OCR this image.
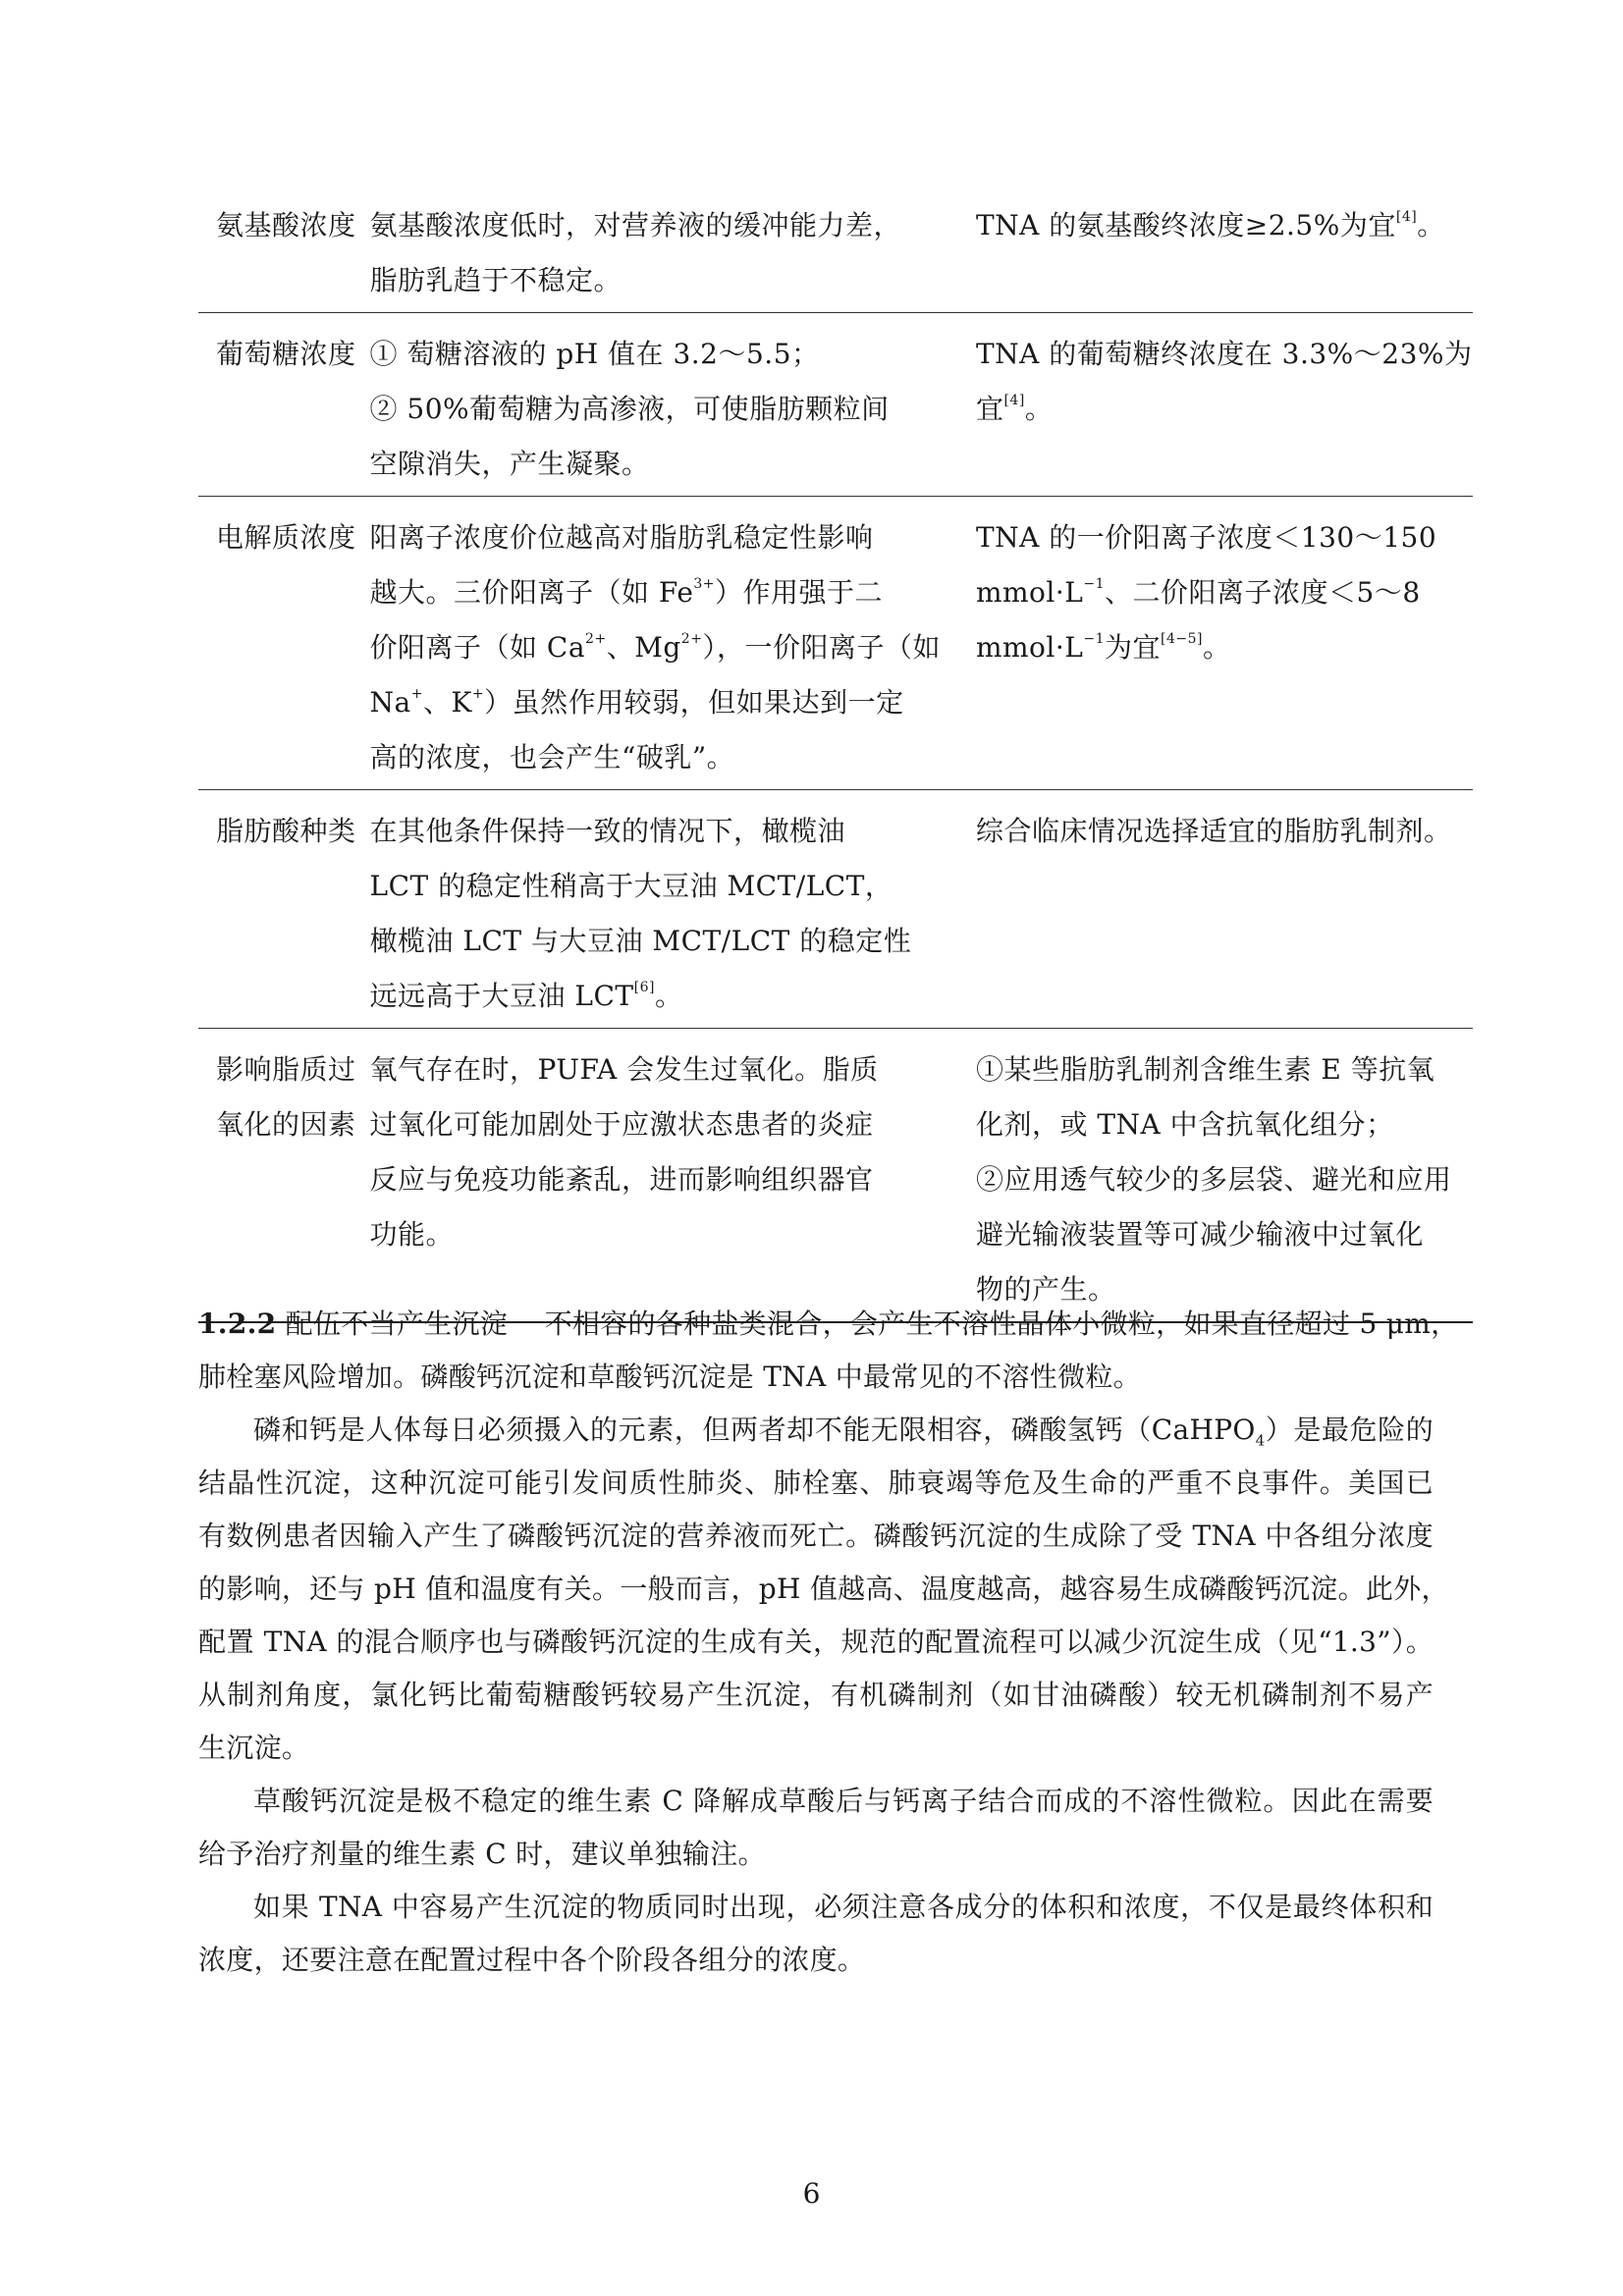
氨基酸浓度	氨基酸浓度低时，对营养液的缓冲能力差，
脂肪乳趋于不稳定。	TNA 的氨基酸终浓度≥2.5%为宜[4]。

葡萄糖浓度	① 萄糖溶液的 pH 值在 3.2～5.5；
② 50%葡萄糖为高渗液，可使脂肪颗粒间
空隙消失，产生凝聚。	TNA 的葡萄糖终浓度在 3.3%～23%为
宜[4]。

电解质浓度	阳离子浓度价位越高对脂肪乳稳定性影响
越大。三价阳离子（如 $Fe^{3+}$）作用强于二
价阳离子（如 $Ca^{2+}$、$Mg^{2+}$），一价阳离子（如
Na+、K+）虽然作用较弱，但如果达到一定
高的浓度，也会产生“破乳”。	TNA 的一价阳离子浓度＜130～150
$mmol\cdot L^{-1}$、二价阳离子浓度＜5～8
$mmol\cdot L^{-1}$为宜[4−5]。

脂肪酸种类	在其他条件保持一致的情况下，橄榄油
LCT 的稳定性稍高于大豆油 MCT/LCT，
橄榄油 LCT 与大豆油 MCT/LCT 的稳定性
远远高于大豆油 LCT[6]。	综合临床情况选择适宜的脂肪乳制剂。

影响脂质过
氧化的因素	氧气存在时，PUFA 会发生过氧化。脂质
过氧化可能加剧处于应激状态患者的炎症
反应与免疫功能紊乱，进而影响组织器官
功能。	①某些脂肪乳制剂含维生素 E 等抗氧
化剂，或 TNA 中含抗氧化组分；
②应用透气较少的多层袋、避光和应用
避光输液装置等可减少输液中过氧化
物的产生。

1.2.2 配伍不当产生沉淀　 不相容的各种盐类混合，会产生不溶性晶体小微粒，如果直径超过 5 μm，
肺栓塞风险增加。磷酸钙沉淀和草酸钙沉淀是 TNA 中最常见的不溶性微粒。

磷和钙是人体每日必须摄入的元素，但两者却不能无限相容，磷酸氢钙（CaHPO$_4$）是最危险的
结晶性沉淀，这种沉淀可能引发间质性肺炎、肺栓塞、肺衰竭等危及生命的严重不良事件。美国已
有数例患者因输入产生了磷酸钙沉淀的营养液而死亡。磷酸钙沉淀的生成除了受 TNA 中各组分浓度
的影响，还与 pH 值和温度有关。一般而言，pH 值越高、温度越高，越容易生成磷酸钙沉淀。此外，
配置 TNA 的混合顺序也与磷酸钙沉淀的生成有关，规范的配置流程可以减少沉淀生成（见“1.3”）。
从制剂角度，氯化钙比葡萄糖酸钙较易产生沉淀，有机磷制剂（如甘油磷酸）较无机磷制剂不易产
生沉淀。

草酸钙沉淀是极不稳定的维生素 C 降解成草酸后与钙离子结合而成的不溶性微粒。因此在需要
给予治疗剂量的维生素 C 时，建议单独输注。

如果 TNA 中容易产生沉淀的物质同时出现，必须注意各成分的体积和浓度，不仅是最终体积和
浓度，还要注意在配置过程中各个阶段各组分的浓度。

6
